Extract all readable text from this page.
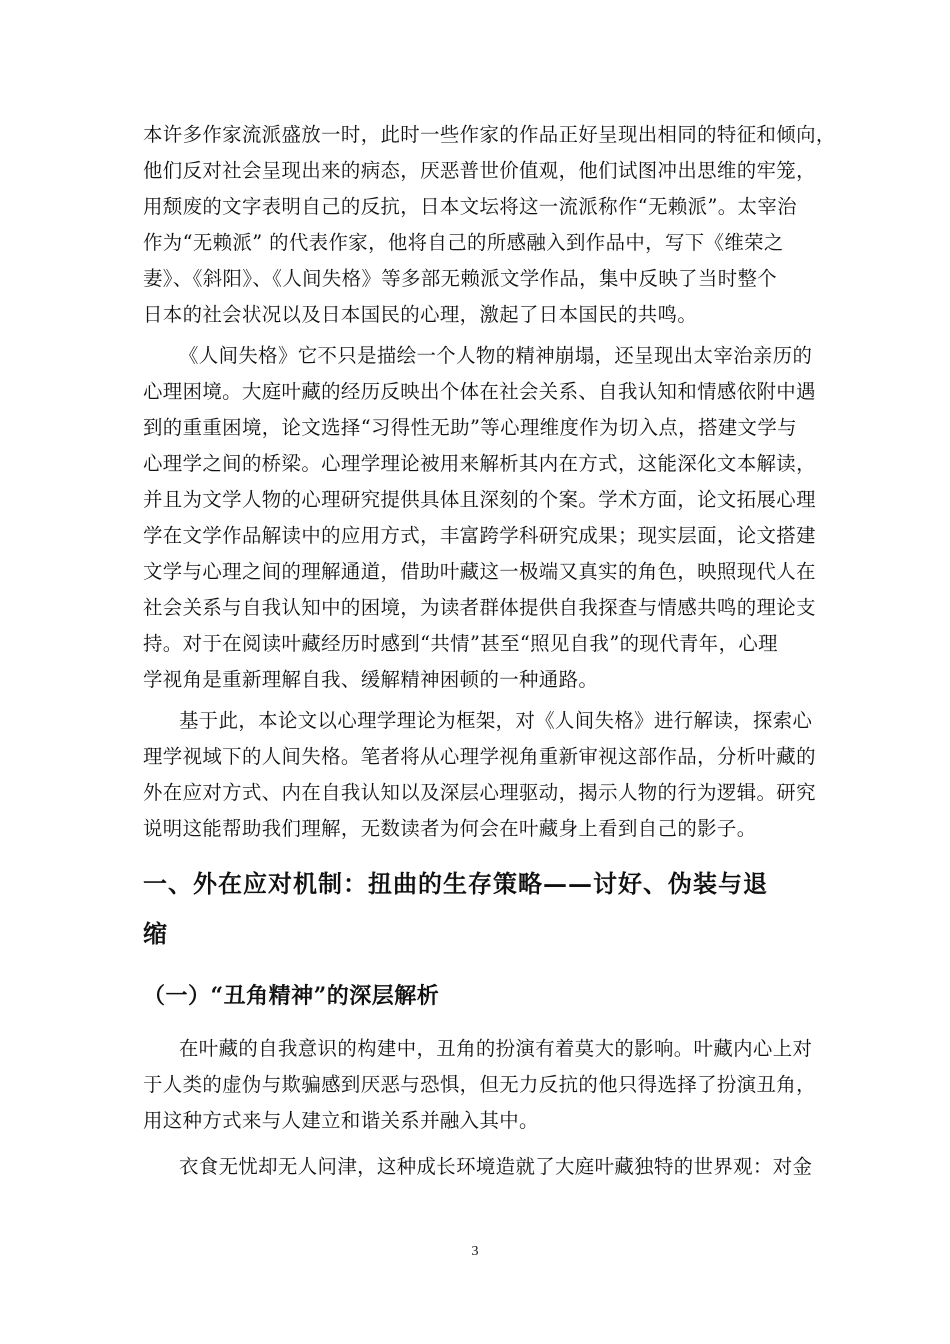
本许多作家流派盛放一时，此时一些作家的作品正好呈现出相同的特征和倾向，
他们反对社会呈现出来的病态，厌恶普世价值观，他们试图冲出思维的牢笼，
用颓废的文字表明自己的反抗，日本文坛将这一流派称作“无赖派”。太宰治
作为“无赖派” 的代表作家，他将自己的所感融入到作品中，写下《维荣之
妻》、《斜阳》、《人间失格》等多部无赖派文学作品，集中反映了当时整个
日本的社会状况以及日本国民的心理，激起了日本国民的共鸣。
《人间失格》它不只是描绘一个人物的精神崩塌，还呈现出太宰治亲历的
心理困境。大庭叶藏的经历反映出个体在社会关系、自我认知和情感依附中遇
到的重重困境，论文选择“习得性无助”等心理维度作为切入点，搭建文学与
心理学之间的桥梁。心理学理论被用来解析其内在方式，这能深化文本解读，
并且为文学人物的心理研究提供具体且深刻的个案。学术方面，论文拓展心理
学在文学作品解读中的应用方式，丰富跨学科研究成果；现实层面，论文搭建
文学与心理之间的理解通道，借助叶藏这一极端又真实的角色，映照现代人在
社会关系与自我认知中的困境，为读者群体提供自我探查与情感共鸣的理论支
持。对于在阅读叶藏经历时感到“共情”甚至“照见自我”的现代青年，心理
学视角是重新理解自我、缓解精神困顿的一种通路。
基于此，本论文以心理学理论为框架，对《人间失格》进行解读，探索心
理学视域下的人间失格。笔者将从心理学视角重新审视这部作品，分析叶藏的
外在应对方式、内在自我认知以及深层心理驱动，揭示人物的行为逻辑。研究
说明这能帮助我们理解，无数读者为何会在叶藏身上看到自己的影子。
一、外在应对机制：扭曲的生存策略——讨好、伪装与退
缩
（一）“丑角精神”的深层解析
在叶藏的自我意识的构建中，丑角的扮演有着莫大的影响。叶藏内心上对
于人类的虚伪与欺骗感到厌恶与恐惧，但无力反抗的他只得选择了扮演丑角，
用这种方式来与人建立和谐关系并融入其中。
衣食无忧却无人问津，这种成长环境造就了大庭叶藏独特的世界观：对金
3
